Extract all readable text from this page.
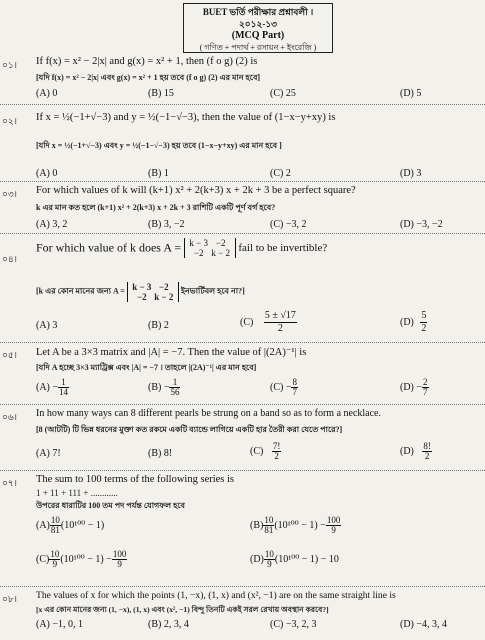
BUET ভর্তি পরীক্ষার প্রশ্নাবলী । ২০১২-১৩
(MCQ Part)
( গণিত + পদার্থ + রসায়ন + ইংরেজি )
০১। If f(x) = x² − 2|x| and g(x) = x² + 1, then (f o g) (2) is
[যদি f(x) = x² − 2|x| এবং g(x) = x² + 1 হয় তবে (f o g) (2) এর মান হবে]
(A) 0	(B) 15	(C) 25	(D) 5
০২। If x = ½(−1+√−3) and y = ½(−1−√−3), then the value of (1−x−y+xy) is
[যদি x = ½(−1+√−3) এবং y = ½(−1−√−3) হয় তবে (1−x−y+xy) এর মান হবে ]
(A) 0	(B) 1	(C) 2	(D) 3
০৩। For which values of k will (k+1) x² + 2(k+3) x + 2k + 3 be a perfect square?
k এর মান কত হলে (k+1) x² + 2(k+3) x + 2k + 3 রাশিটি একটি পূর্ণ বর্গ হবে?
(A) 3, 2	(B) 3, −2	(C) −3, 2	(D) −3, −2
০৪।
For which value of k does A = k − 3 −2
−2 k − 2 fail to be invertible?
[k এর কোন মানের জন্য A = k − 3 −2
−2 k − 2 ইনভার্টিবল হবে না?]
(A) 3	(B) 2	$(C) \frac{5 \pm √17}{2}$	$(D) \frac{5}{2}$
০৫। Let A be a 3×3 matrix and |A| = −7. Then the value of |(2A)⁻¹| is
[যদি A হচ্ছে 3×3 ম্যাট্রিক্স এবং |A| = −7 । তাহলে |(2A)⁻¹| এর মান হবে]
$(A) - \frac{1}{14}$	$(B) - \frac{1}{56}$	$(C) - \frac{8}{7}$	$(D) - \frac{2}{7}$
০৬। In how many ways can 8 different pearls be strung on a band so as to form a necklace.
[8 (আটটি) টি ভিন্ন ধরনের মুক্তা কত রকমে একটি ব্যান্ডে লাগিয়ে একটি হার তৈরী করা যেতে পারে?]
(A) 7!	(B) 8!	$(C) \frac{7!}{2}$	$(D) \frac{8!}{2}$
০৭। The sum to 100 terms of the following series is
1 + 11 + 111 + ............
উপরের ধারাটির 100 তম পদ পর্যন্ত যোগফল হবে
$(A) \frac{10}{81} (10^{100} - 1)$	$(B) \frac{10}{81} (10^{100} - 1) - \frac{100}{9}$
$(C) \frac{10}{9} (10^{100} - 1) - \frac{100}{9}$	$(D) \frac{10}{9} (10^{100} - 1) - 10$
০৮। The values of x for which the points (1, −x), (1, x) and (x², −1) are on the same straight line is
[x এর কোন মানের জন্য (1, −x), (1, x) এবং (x², −1) বিন্দু তিনটি একই সরল রেখায় অবস্থান করবে?]
(A) −1, 0, 1	(B) 2, 3, 4	(C) −3, 2, 3	(D) −4, 3, 4
